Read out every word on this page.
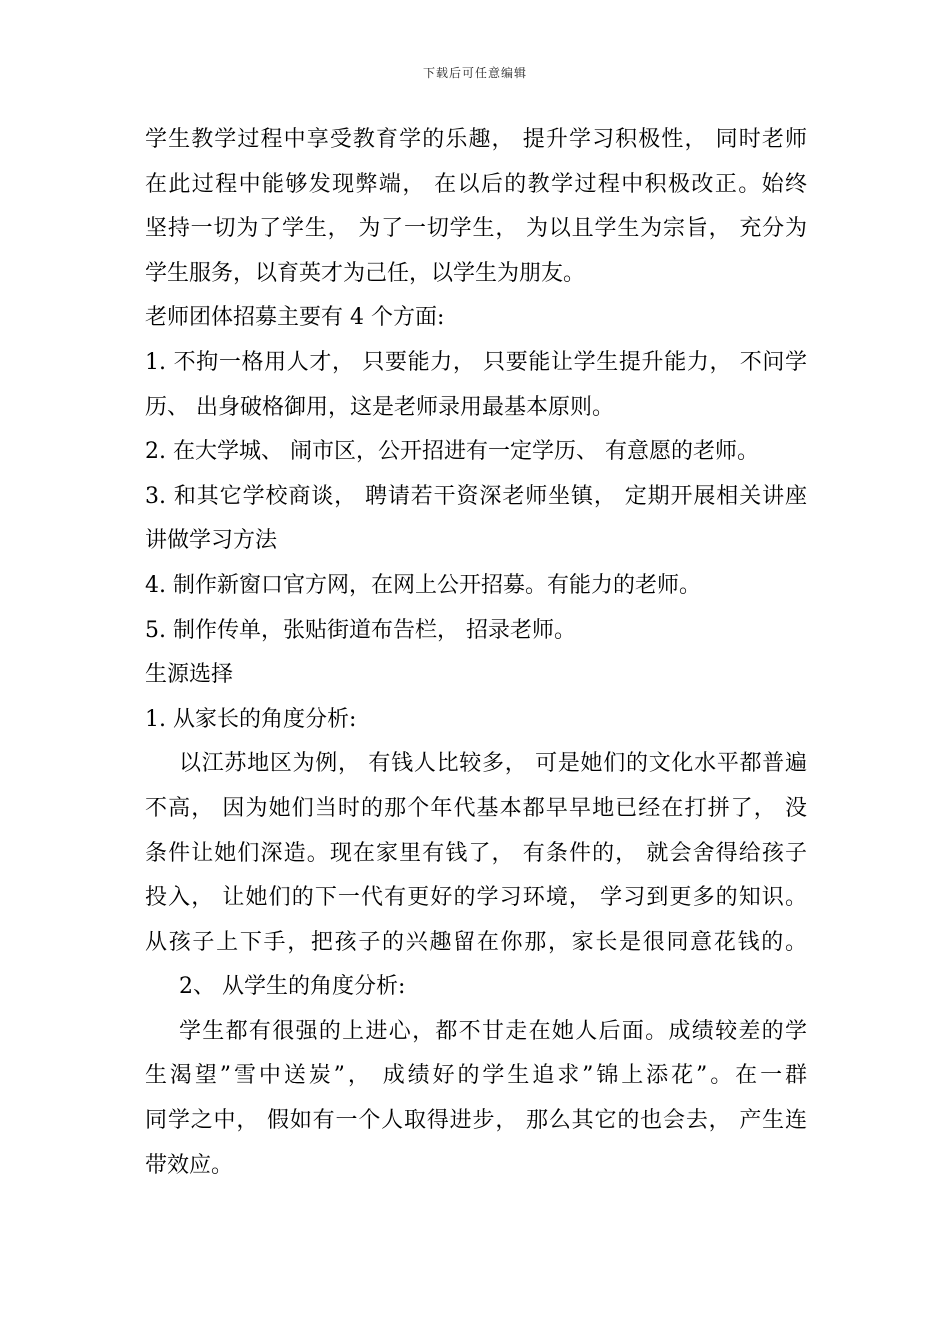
下载后可任意编辑
学生教学过程中享受教育学的乐趣， 提升学习积极性， 同时老师
在此过程中能够发现弊端， 在以后的教学过程中积极改正。始终
坚持一切为了学生， 为了一切学生， 为以且学生为宗旨， 充分为
学生服务，以育英才为己任，以学生为朋友。
老师团体招募主要有 4 个方面:
1. 不拘一格用人才， 只要能力， 只要能让学生提升能力， 不问学
历、 出身破格御用，这是老师录用最基本原则。
2. 在大学城、 闹市区，公开招进有一定学历、 有意愿的老师。
3. 和其它学校商谈， 聘请若干资深老师坐镇， 定期开展相关讲座
讲做学习方法
4. 制作新窗口官方网，在网上公开招募。有能力的老师。
5. 制作传单，张贴街道布告栏， 招录老师。
生源选择
1. 从家长的角度分析:
以江苏地区为例， 有钱人比较多， 可是她们的文化水平都普遍
不高， 因为她们当时的那个年代基本都早早地已经在打拼了， 没
条件让她们深造。现在家里有钱了， 有条件的， 就会舍得给孩子
投入， 让她们的下一代有更好的学习环境， 学习到更多的知识。
从孩子上下手，把孩子的兴趣留在你那，家长是很同意花钱的。
2、 从学生的角度分析:
学生都有很强的上进心，都不甘走在她人后面。成绩较差的学
生渴望”雪中送炭”， 成绩好的学生追求”锦上添花”。在一群
同学之中， 假如有一个人取得进步， 那么其它的也会去， 产生连
带效应。
